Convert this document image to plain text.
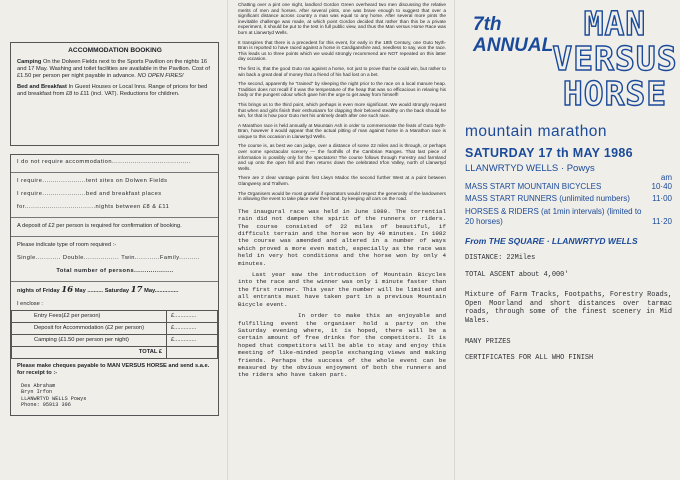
ACCOMMODATION BOOKING

Camping On the Dolwen Fields next to the Sports Pavilion on the nights 16 and 17 May. Washing and toilet facilities are available in the Pavilion. Cost of £1.50 per person per night payable in advance. NO OPEN FIRES!

Bed and Breakfast In Guest Houses or Local Inns. Range of prices for bed and breakfast from £8 to £11 (incl. VAT). Reductions for children.

I do not require accommodation......................................
I require.....................tent sites on Dolwen Fields
I require.....................bed and breakfast places
for..................................nights between £8 & £11
A deposit of £2 per person is required for confirmation of booking.
Please indicate type of room required :-
Single............ Double................. Twin............Family..........
Total number of persons...................
nights of Friday 16 May .......... Saturday 17 May...............
I enclose :
Entry Fees(£2 per person)	£..............
Deposit for Accommodation (£2 per person)	£..............
Camping (£1.50 per person per night)	£..............
TOTAL £
Please make cheques payable to MAN VERSUS HORSE and send s.a.e. for receipt to :-
Des Abraham
Bryn Irfon
LLANWRTYD WELLS Powys
Phone: 05913 396

Chatting over a pint one night, landlord Gordon Green overheard two men discussing the relative merits of men and horses. After several pints, one was brave enough to suggest that over a significant distance across country a man was equal to any horse. After several more pints the inevitable challenge was made, at which point Gordon decided that rather than this be a private experiment, it should be put to the test in full public view, and thus the Man versus Horse Race was born at Llanwrtyd Wells.

It transpires that there is a precedent for this event, for early in the 18th Century, one Guto Nyth-Bran is reported to have raced against a horse in Cardiganshire and, needless to say, won the race. This leads us to three points which we would strongly recommend are NOT repeated on this latter day occasion.

The first is, that the good Guto ran against a horse, not just to prove that he could win, but rather to win back a great deal of money that a friend of his had lost on a bet.

The second, apparently he "trained" by sleeping the night prior to the race on a local manure heap. Tradition does not recall if it was the temperature of the heap that was so efficacious in relaxing his body or the pungent odour which gave him the urge to get away from himself!

This brings us to the third point, which perhaps is even more significant. We would strongly request that when and girls finish their enthusiasm for clapping their beloved stealthy on the back should he win, for that is how poor Guto met his untimely death after one such race.

A Marathon race is held annually at Mountain Ash in order to commemorate the feats of Guto Nyth-Bran, however it would appear that the actual pitting of man against horse in a Marathon race is unique to this occasion in Llanwrtyd Wells.

The course is, as best we can judge, over a distance of some 22 miles and is through, or perhaps over some spectacular scenery — the foothills of the Cambrian Ranges. That last piece of information is possibly only for the spectators! The course follows through Forestry and farmland and up onto the open hill and then returns down the celebrated Irfon Valley, north of Llanwrtyd Wells.

There are 2 clear vantage points first Llwyn Madoc the second further West at a point between Glangwesy and Trallwm.

The Organisers would be most grateful if spectators would respect the generosity of the landowners in allowing the event to take place over their land, by keeping all cars on the road.

The inaugural race was held in June 1980. The torrential rain did not dampen the spirit of the runners or riders. The course consisted of 22 miles of beautiful, if difficult terrain and the horse won by 40 minutes. In 1982 the course was amended and altered in a number of ways which proved a more even match, especially as the race was held in very hot conditions and the horse won by only 4 minutes.

Last year saw the introduction of Mountain Bicycles into the race and the winner was only 1 minute faster than the first runner. This year the number will be limited and all entrants must have taken part in a previous Mountain Bicycle event.

In order to make this an enjoyable and fulfilling event the organiser hold a party on the Saturday evening where, it is hoped, there will be a certain amount of free drinks for the competitors. It is hoped that competitors will be able to stay and enjoy this meeting of like-minded people exchanging views and making friends. Perhaps the success of the whole event can be measured by the obvious enjoyment of both the runners and the riders who have taken part.

7th
ANNUAL
MAN
VERSUS
HORSE
mountain marathon
SATURDAY 17 th MAY 1986
LLANWRTYD WELLS · Powys
am
MASS START MOUNTAIN BICYCLES	10·40
MASS START RUNNERS (unlimited numbers)	11·00
HORSES & RIDERS (at 1min intervals) (limited to 20 horses)	11·20
From THE SQUARE · LLANWRTYD WELLS

DISTANCE: 22Miles

TOTAL ASCENT about 4,000'

Mixture of Farm Tracks, Footpaths, Forestry Roads, Open Moorland and short distances over tarmac roads, through some of the finest scenery in Mid Wales.

MANY PRIZES

CERTIFICATES FOR ALL WHO FINISH
